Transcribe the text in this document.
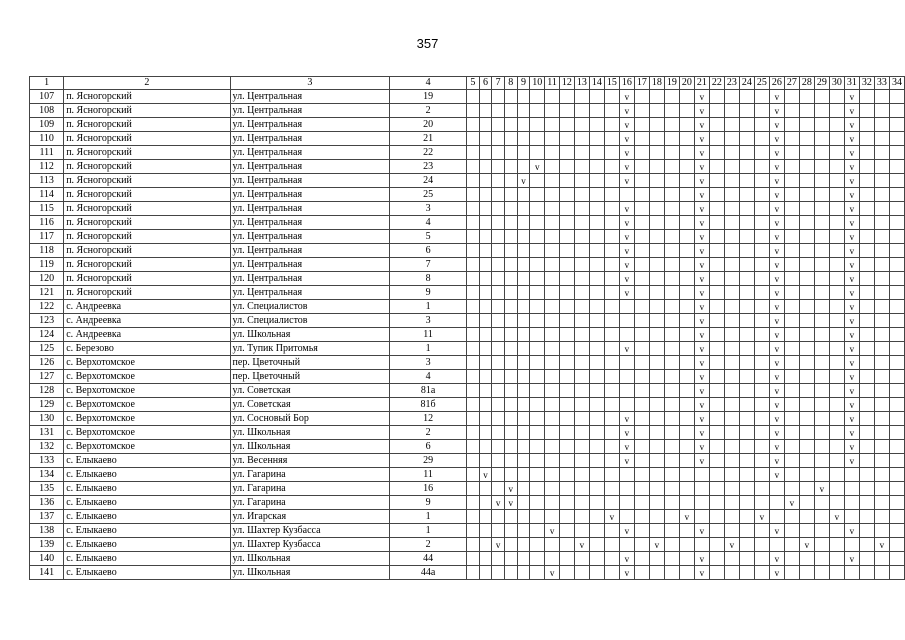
357
1	2	3	4	5	6	7	8	9	10	11	12	13	14	15	16	17	18	19	20	21	22	23	24	25	26	27	28	29	30	31	32	33	34
107	п. Ясногорский	ул. Центральная	19												v					v					v					v			
108	п. Ясногорский	ул. Центральная	2												v					v					v					v			
109	п. Ясногорский	ул. Центральная	20												v					v					v					v			
110	п. Ясногорский	ул. Центральная	21												v					v					v					v			
111	п. Ясногорский	ул. Центральная	22												v					v					v					v			
112	п. Ясногорский	ул. Центральная	23						v						v					v					v					v			
113	п. Ясногорский	ул. Центральная	24					v							v					v					v					v			
114	п. Ясногорский	ул. Центральная	25																	v					v					v			
115	п. Ясногорский	ул. Центральная	3												v					v					v					v			
116	п. Ясногорский	ул. Центральная	4												v					v					v					v			
117	п. Ясногорский	ул. Центральная	5												v					v					v					v			
118	п. Ясногорский	ул. Центральная	6												v					v					v					v			
119	п. Ясногорский	ул. Центральная	7												v					v					v					v			
120	п. Ясногорский	ул. Центральная	8												v					v					v					v			
121	п. Ясногорский	ул. Центральная	9												v					v					v					v			
122	с. Андреевка	ул. Специалистов	1																	v					v					v			
123	с. Андреевка	ул. Специалистов	3																	v					v					v			
124	с. Андреевка	ул. Школьная	11																	v					v					v			
125	с. Березово	ул. Тупик Притомья	1												v					v					v					v			
126	с. Верхотомское	пер. Цветочный	3																	v					v					v			
127	с. Верхотомское	пер. Цветочный	4																	v					v					v			
128	с. Верхотомское	ул. Советская	81а																	v					v					v			
129	с. Верхотомское	ул. Советская	81б																	v					v					v			
130	с. Верхотомское	ул. Сосновый Бор	12												v					v					v					v			
131	с. Верхотомское	ул. Школьная	2												v					v					v					v			
132	с. Верхотомское	ул. Школьная	6												v					v					v					v			
133	с. Елыкаево	ул. Весенняя	29												v					v					v					v			
134	с. Елыкаево	ул. Гагарина	11		v																				v								
135	с. Елыкаево	ул. Гагарина	16				v																					v					
136	с. Елыкаево	ул. Гагарина	9			v	v																			v							
137	с. Елыкаево	ул. Игарская	1											v					v					v					v				
138	с. Елыкаево	ул. Шахтер Кузбасса	1							v					v					v					v					v			
139	с. Елыкаево	ул. Шахтер Кузбасса	2			v						v					v					v					v					v	
140	с. Елыкаево	ул. Школьная	44												v					v					v					v			
141	с. Елыкаево	ул. Школьная	44а							v					v					v					v								
